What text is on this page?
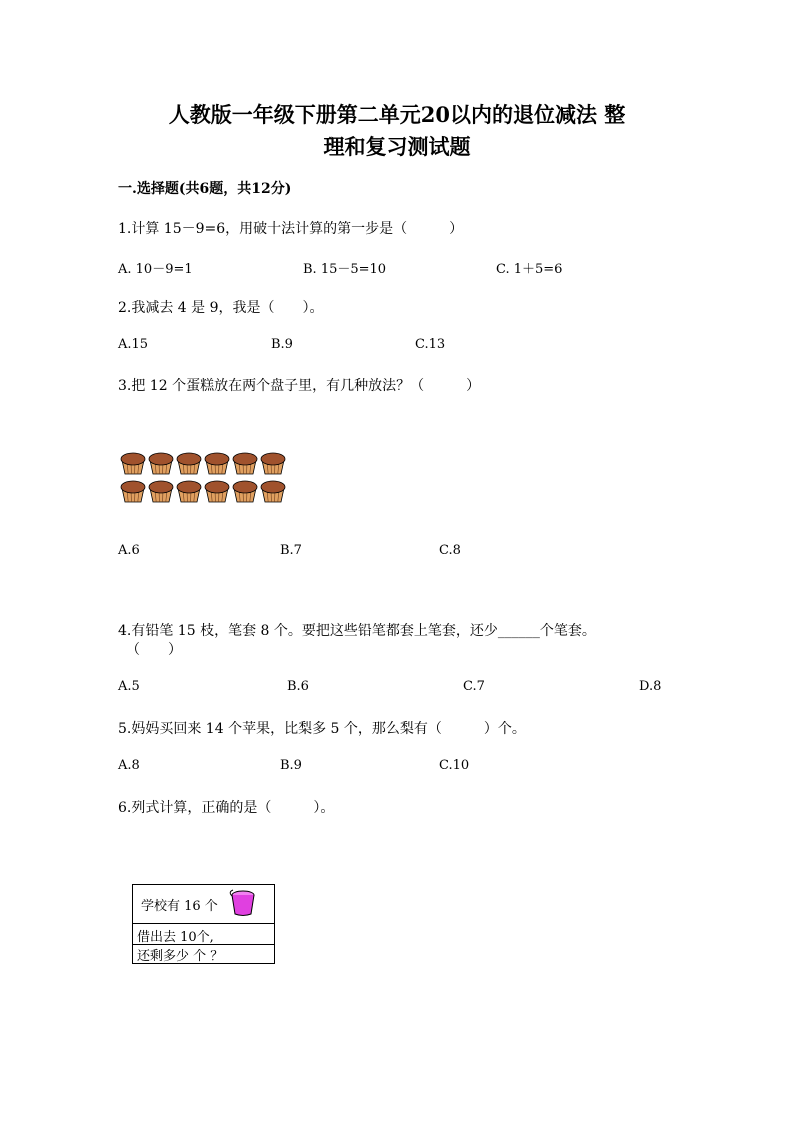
人教版一年级下册第二单元20以内的退位减法 整
理和复习测试题
一.选择题(共6题，共12分)
1.计算 15－9=6，用破十法计算的第一步是（　　　）
A. 10－9=1	B. 15－5=10	C. 1＋5=6
2.我减去 4 是 9，我是（　　）。
A.15	B.9	C.13
3.把 12 个蛋糕放在两个盘子里，有几种放法？（　　　）
A.6	B.7	C.8
4.有铅笔 15 枝，笔套 8 个。要把这些铅笔都套上笔套，还少______个笔套。
（　　）
A.5	B.6	C.7	D.8
5.妈妈买回来 14 个苹果，比梨多 5 个，那么梨有（　　　）个。
A.8	B.9	C.10
6.列式计算，正确的是（　　　）。
学校有 16 个
借出去 10个,
还剩多少 个 ？
